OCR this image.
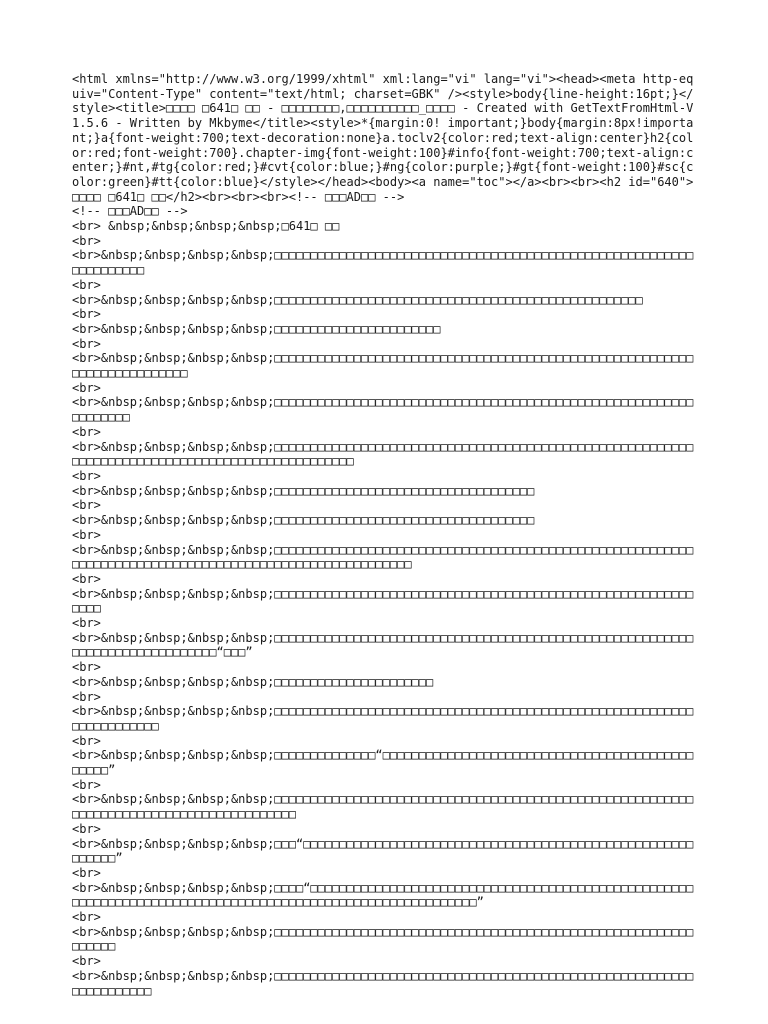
<html xmlns="http://www.w3.org/1999/xhtml" xml:lang="vi" lang="vi"><head><meta http-equiv="Content-Type" content="text/html; charset=GBK" /><style>body{line-height:16pt;}</style><title>□□□□ □641□ □□ - □□□□□□□□,□□□□□□□□□□_□□□□ - Created with GetTextFromHtml-V1.5.6 - Written by Mkbyme</title><style>*{margin:0! important;}body{margin:8px!important;}a{font-weight:700;text-decoration:none}a.toclv2{color:red;text-align:center}h2{color:red;font-weight:700}.chapter-img{font-weight:100}#info{font-weight:700;text-align:center;}#nt,#tg{color:red;}#cvt{color:blue;}#ng{color:purple;}#gt{font-weight:100}#sc{color:green}#tt{color:blue}</style></head><body><a name="toc"></a><br><br><h2 id="640">□□□□ □641□ □□</h2><br><br><br><!-- □□□AD□□ -->
<!-- □□□AD□□ -->
<br> &nbsp;&nbsp;&nbsp;&nbsp;□641□ □□
<br>
<br>&nbsp;&nbsp;&nbsp;&nbsp;□□□□□□□□□□□□□□□□□□□□□□□□□□□□□□□□□□□□□□□□□□□□□□□□□□□□□□□□□□□□□□□□□□□□
<br>
<br>&nbsp;&nbsp;&nbsp;&nbsp;□□□□□□□□□□□□□□□□□□□□□□□□□□□□□□□□□□□□□□□□□□□□□□□□□□□
<br>
<br>&nbsp;&nbsp;&nbsp;&nbsp;□□□□□□□□□□□□□□□□□□□□□□□
<br>
<br>&nbsp;&nbsp;&nbsp;&nbsp;□□□□□□□□□□□□□□□□□□□□□□□□□□□□□□□□□□□□□□□□□□□□□□□□□□□□□□□□□□□□□□□□□□□□□□□□□□
<br>
<br>&nbsp;&nbsp;&nbsp;&nbsp;□□□□□□□□□□□□□□□□□□□□□□□□□□□□□□□□□□□□□□□□□□□□□□□□□□□□□□□□□□□□□□□□□□
<br>
<br>&nbsp;&nbsp;&nbsp;&nbsp;□□□□□□□□□□□□□□□□□□□□□□□□□□□□□□□□□□□□□□□□□□□□□□□□□□□□□□□□□□□□□□□□□□□□□□□□□□□□□□□□□□□□□□□□□□□□□□□□□
<br>
<br>&nbsp;&nbsp;&nbsp;&nbsp;□□□□□□□□□□□□□□□□□□□□□□□□□□□□□□□□□□□□
<br>
<br>&nbsp;&nbsp;&nbsp;&nbsp;□□□□□□□□□□□□□□□□□□□□□□□□□□□□□□□□□□□□
<br>
<br>&nbsp;&nbsp;&nbsp;&nbsp;□□□□□□□□□□□□□□□□□□□□□□□□□□□□□□□□□□□□□□□□□□□□□□□□□□□□□□□□□□□□□□□□□□□□□□□□□□□□□□□□□□□□□□□□□□□□□□□□□□□□□□□□□
<br>
<br>&nbsp;&nbsp;&nbsp;&nbsp;□□□□□□□□□□□□□□□□□□□□□□□□□□□□□□□□□□□□□□□□□□□□□□□□□□□□□□□□□□□□□□
<br>
<br>&nbsp;&nbsp;&nbsp;&nbsp;□□□□□□□□□□□□□□□□□□□□□□□□□□□□□□□□□□□□□□□□□□□□□□□□□□□□□□□□□□□□□□□□□□□□□□□□□□□□□□“□□□”
<br>
<br>&nbsp;&nbsp;&nbsp;&nbsp;□□□□□□□□□□□□□□□□□□□□□□
<br>
<br>&nbsp;&nbsp;&nbsp;&nbsp;□□□□□□□□□□□□□□□□□□□□□□□□□□□□□□□□□□□□□□□□□□□□□□□□□□□□□□□□□□□□□□□□□□□□□□
<br>
<br>&nbsp;&nbsp;&nbsp;&nbsp;□□□□□□□□□□□□□□“□□□□□□□□□□□□□□□□□□□□□□□□□□□□□□□□□□□□□□□□□□□□□□□□”
<br>
<br>&nbsp;&nbsp;&nbsp;&nbsp;□□□□□□□□□□□□□□□□□□□□□□□□□□□□□□□□□□□□□□□□□□□□□□□□□□□□□□□□□□□□□□□□□□□□□□□□□□□□□□□□□□□□□□□□□
<br>
<br>&nbsp;&nbsp;&nbsp;&nbsp;□□□“□□□□□□□□□□□□□□□□□□□□□□□□□□□□□□□□□□□□□□□□□□□□□□□□□□□□□□□□□□□□”
<br>
<br>&nbsp;&nbsp;&nbsp;&nbsp;□□□□“□□□□□□□□□□□□□□□□□□□□□□□□□□□□□□□□□□□□□□□□□□□□□□□□□□□□□□□□□□□□□□□□□□□□□□□□□□□□□□□□□□□□□□□□□□□□□□□□□□□□□□□□□□□□□”
<br>
<br>&nbsp;&nbsp;&nbsp;&nbsp;□□□□□□□□□□□□□□□□□□□□□□□□□□□□□□□□□□□□□□□□□□□□□□□□□□□□□□□□□□□□□□□□
<br>
<br>&nbsp;&nbsp;&nbsp;&nbsp;□□□□□□□□□□□□□□□□□□□□□□□□□□□□□□□□□□□□□□□□□□□□□□□□□□□□□□□□□□□□□□□□□□□□□
